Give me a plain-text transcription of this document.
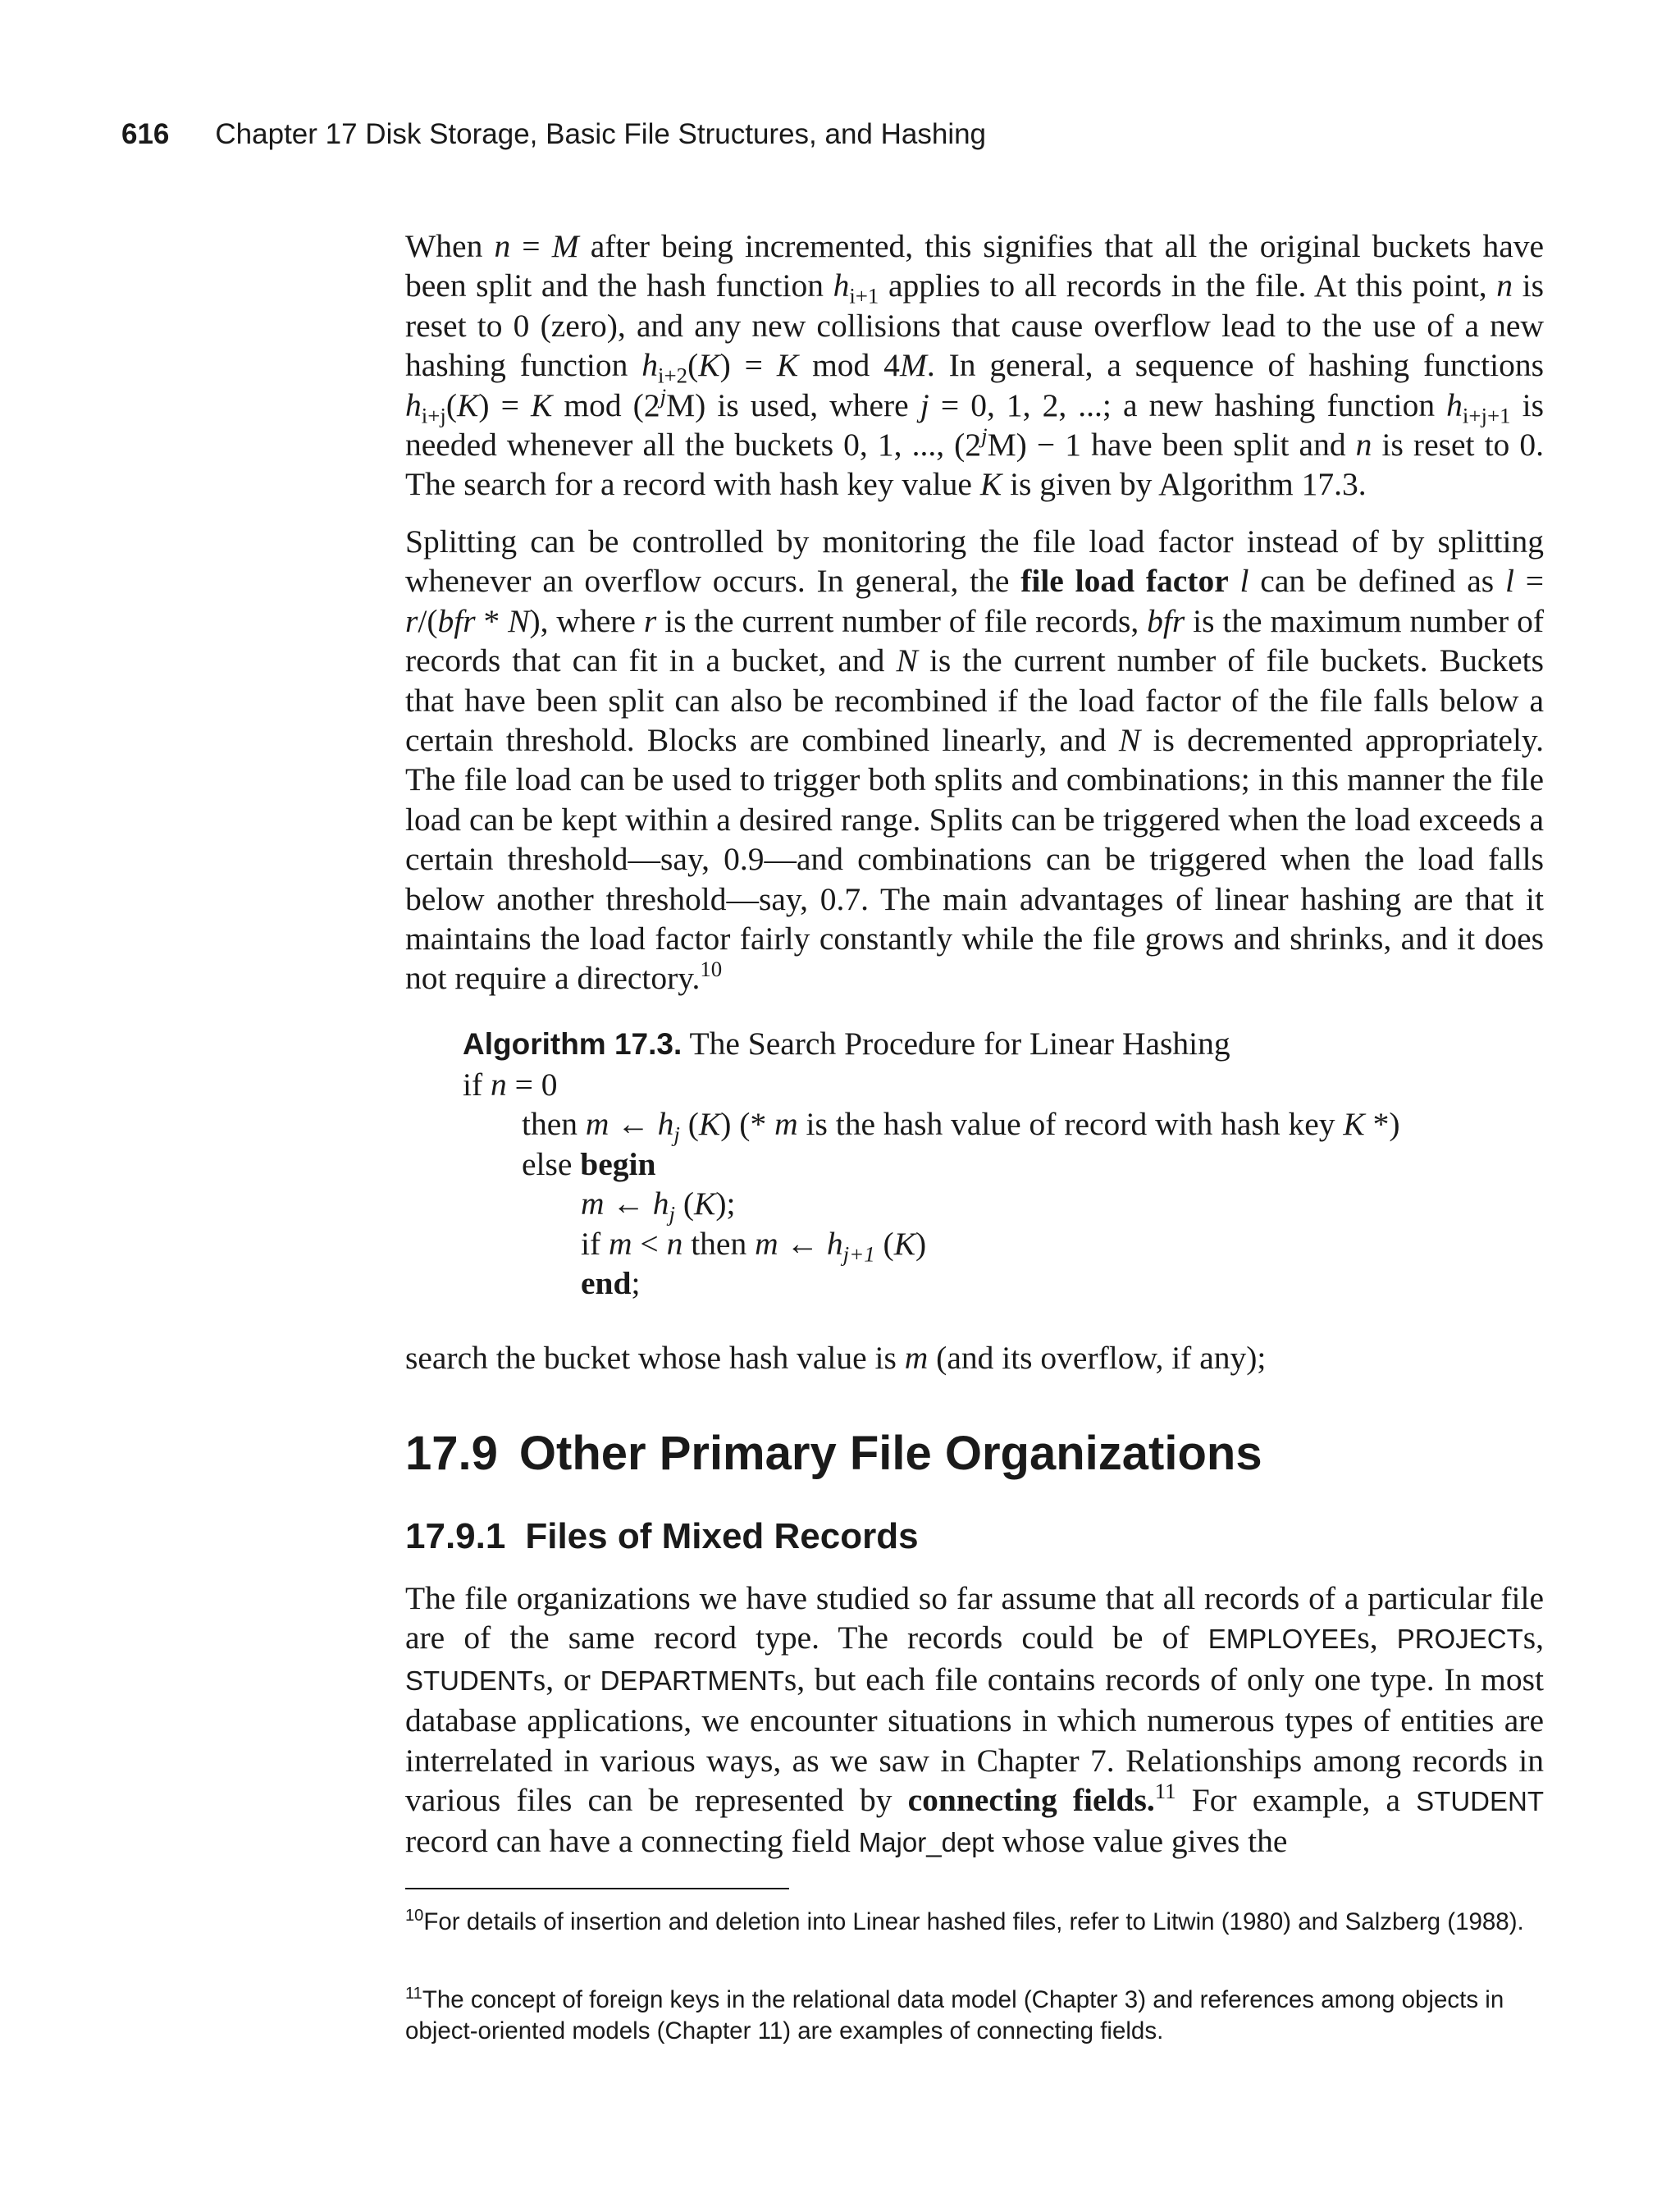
616 Chapter 17 Disk Storage, Basic File Structures, and Hashing

When n = M after being incremented, this signifies that all the original buckets have been split and the hash function $h_{i+1}$ applies to all records in the file. At this point, n is reset to 0 (zero), and any new collisions that cause overflow lead to the use of a new hashing function $h_{i+2}(K) = K$ mod 4M. In general, a sequence of hashing functions $h_{i+j}(K) = K$ mod (2$^j$M) is used, where j = 0, 1, 2, ...; a new hashing function $h_{i+j+1}$ is needed whenever all the buckets 0, 1, ..., $(2^jM) - 1$ have been split and n is reset to 0. The search for a record with hash key value K is given by Algorithm 17.3.

Splitting can be controlled by monitoring the file load factor instead of by splitting whenever an overflow occurs. In general, the file load factor l can be defined as l = r/(bfr * N), where r is the current number of file records, bfr is the maximum number of records that can fit in a bucket, and N is the current number of file buckets. Buckets that have been split can also be recombined if the load factor of the file falls below a certain threshold. Blocks are combined linearly, and N is decremented appropriately. The file load can be used to trigger both splits and combinations; in this manner the file load can be kept within a desired range. Splits can be triggered when the load exceeds a certain threshold—say, 0.9—and combinations can be triggered when the load falls below another threshold—say, 0.7. The main advantages of linear hashing are that it maintains the load factor fairly constantly while the file grows and shrinks, and it does not require a directory.$^{10}$

Algorithm 17.3. The Search Procedure for Linear Hashing
if n = 0
then m ← $h_j$ (K) (* m is the hash value of record with hash key K *)
else begin
m ← $h_j$ (K);
if m < n then m ← $h_{j+1}$ (K)
end;
search the bucket whose hash value is m (and its overflow, if any);
17.9 Other Primary File Organizations
17.9.1 Files of Mixed Records

The file organizations we have studied so far assume that all records of a particular file are of the same record type. The records could be of EMPLOYEEs, PROJECTs, STUDENTs, or DEPARTMENTs, but each file contains records of only one type. In most database applications, we encounter situations in which numerous types of entities are interrelated in various ways, as we saw in Chapter 7. Relationships among records in various files can be represented by connecting fields.$^{11}$ For example, a STUDENT record can have a connecting field Major_dept whose value gives the

$^{10}$For details of insertion and deletion into Linear hashed files, refer to Litwin (1980) and Salzberg (1988).
$^{11}$The concept of foreign keys in the relational data model (Chapter 3) and references among objects in object-oriented models (Chapter 11) are examples of connecting fields.
